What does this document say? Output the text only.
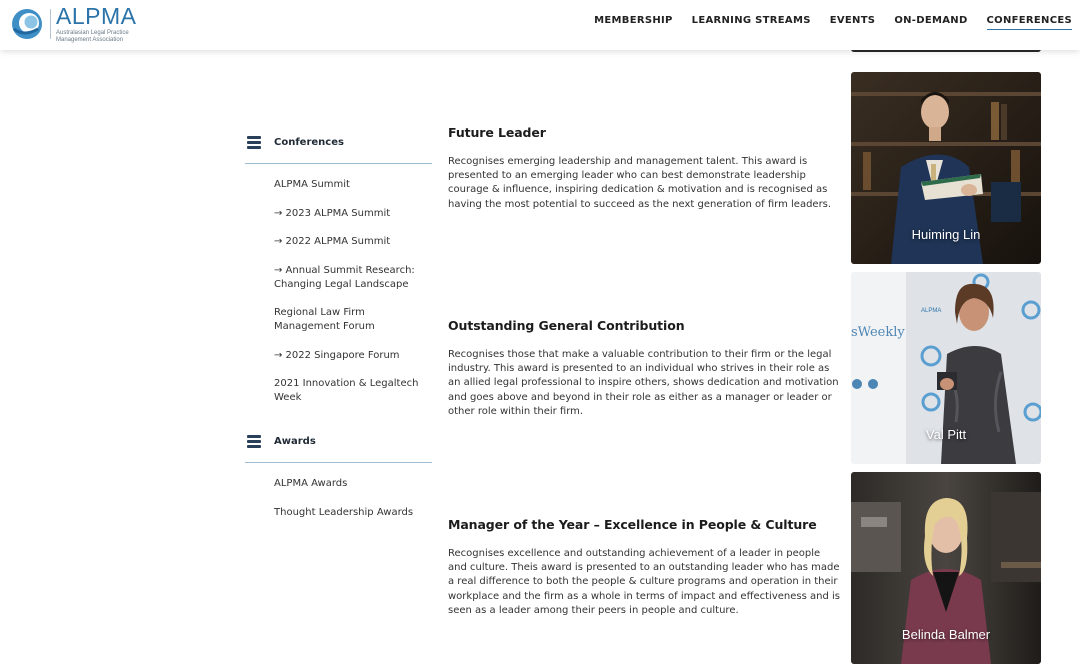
ALPMA
Australasian Legal Practice Management Association
MEMBERSHIP LEARNING STREAMS EVENTS ON-DEMAND CONFERENCES
Conferences
ALPMA Summit
→ 2023 ALPMA Summit
→ 2022 ALPMA Summit
→ Annual Summit Research: Changing Legal Landscape
Regional Law Firm Management Forum
→ 2022 Singapore Forum
2021 Innovation & Legaltech Week
Awards
ALPMA Awards
Thought Leadership Awards
Future Leader

Recognises emerging leadership and management talent. This award is presented to an emerging leader who can best demonstrate leadership courage & influence, inspiring dedication & motivation and is recognised as having the most potential to succeed as the next generation of firm leaders.

Outstanding General Contribution

Recognises those that make a valuable contribution to their firm or the legal industry. This award is presented to an individual who strives in their role as an allied legal professional to inspire others, shows dedication and motivation and goes above and beyond in their role as either as a manager or leader or other role within their firm.

Manager of the Year – Excellence in People & Culture

Recognises excellence and outstanding achievement of a leader in people and culture. Theis award is presented to an outstanding leader who has made a real difference to both the people & culture programs and operation in their workplace and the firm as a whole in terms of impact and effectiveness and is seen as a leader among their peers in people and culture.

Huiming Lin
sWeekly
ALPMA
Val Pitt
Belinda Balmer
